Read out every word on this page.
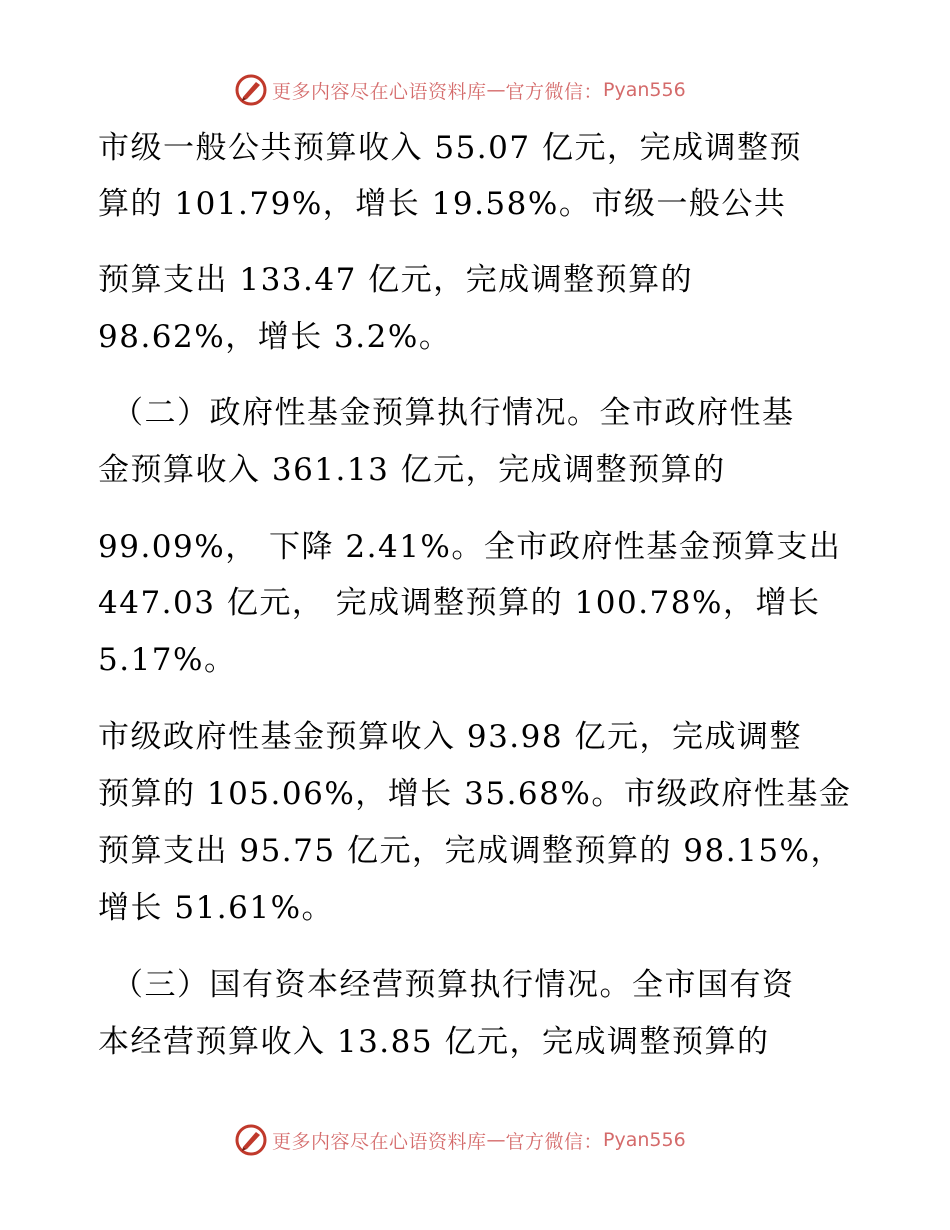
更多内容尽在心语资料库 — 官方微信： Pyan556
市级一般公共预算收入 55.07 亿元，完成调整预
算的 101.79%，增长 19.58%。市级一般公共
预算支出 133.47 亿元，完成调整预算的
98.62%，增长 3.2%。
（二）政府性基金预算执行情况。全市政府性基
金预算收入 361.13 亿元，完成调整预算的
99.09%， 下降 2.41%。全市政府性基金预算支出
447.03 亿元， 完成调整预算的 100.78%，增长
5.17%。
市级政府性基金预算收入 93.98 亿元，完成调整
预算的 105.06%，增长 35.68%。市级政府性基金
预算支出 95.75 亿元，完成调整预算的 98.15%，
增长 51.61%。
（三）国有资本经营预算执行情况。全市国有资
本经营预算收入 13.85 亿元，完成调整预算的
更多内容尽在心语资料库 — 官方微信： Pyan556
